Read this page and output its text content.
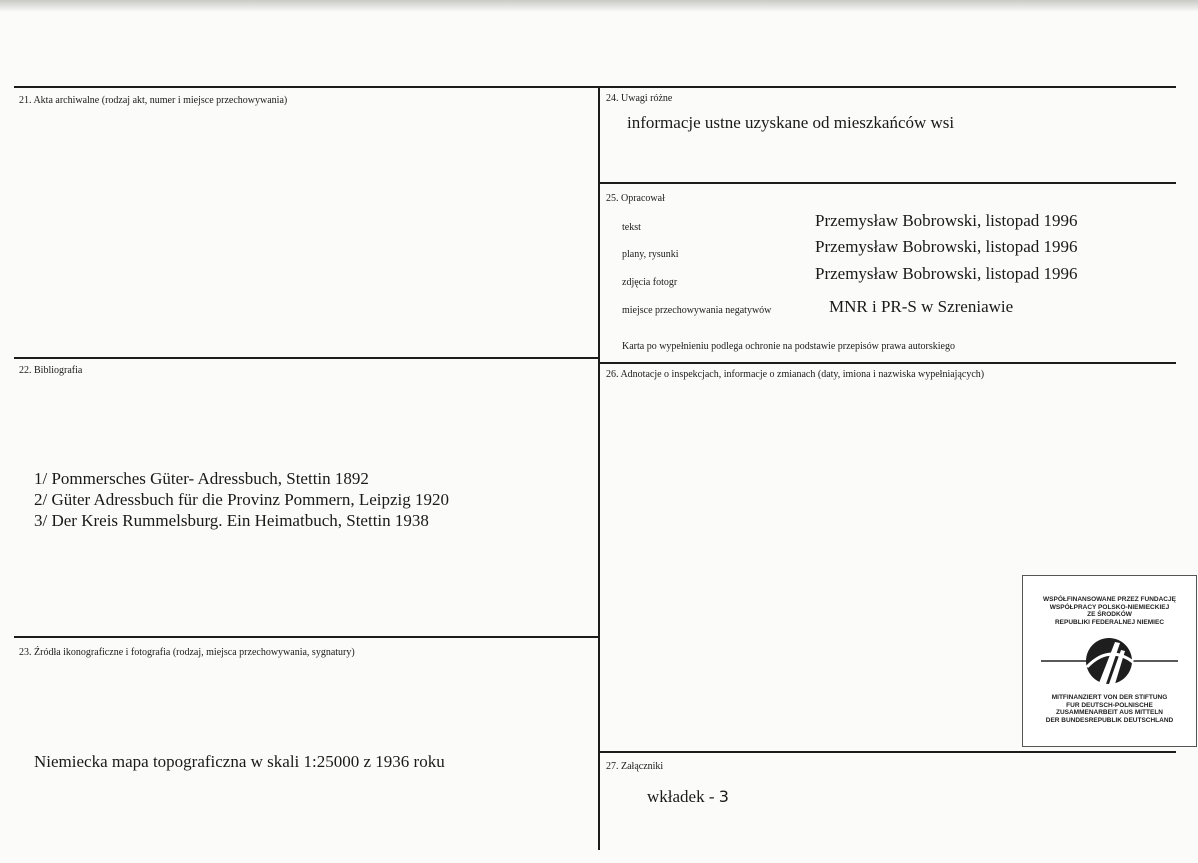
21. Akta archiwalne (rodzaj akt, numer i miejsce przechowywania)
22. Bibliografia
1/ Pommersches Güter- Adressbuch, Stettin 1892
2/ Güter Adressbuch für die Provinz Pommern, Leipzig 1920
3/ Der Kreis Rummelsburg. Ein Heimatbuch, Stettin 1938
23. Źródła ikonograficzne i fotografia (rodzaj, miejsca przechowywania, sygnatury)
Niemiecka mapa topograficzna w skali 1:25000 z 1936 roku
24. Uwagi różne
informacje ustne uzyskane od mieszkańców wsi
25. Opracował
tekst	Przemysław Bobrowski, listopad 1996
plany, rysunki	Przemysław Bobrowski, listopad 1996
zdjęcia fotogr	Przemysław Bobrowski, listopad 1996
miejsce przechowywania negatywów	MNR i PR-S w Szreniawie
Karta po wypełnieniu podlega ochronie na podstawie przepisów prawa autorskiego
26. Adnotacje o inspekcjach, informacje o zmianach (daty, imiona i nazwiska wypełniających)
27. Załączniki
wkładek - 3
WSPÓŁFINANSOWANE PRZEZ FUNDACJĘ
WSPÓŁPRACY POLSKO-NIEMIECKIEJ
ZE ŚRODKÓW
REPUBLIKI FEDERALNEJ NIEMIEC
MITFINANZIERT VON DER STIFTUNG
FUR DEUTSCH-POLNISCHE
ZUSAMMENARBEIT AUS MITTELN
DER BUNDESREPUBLIK DEUTSCHLAND
